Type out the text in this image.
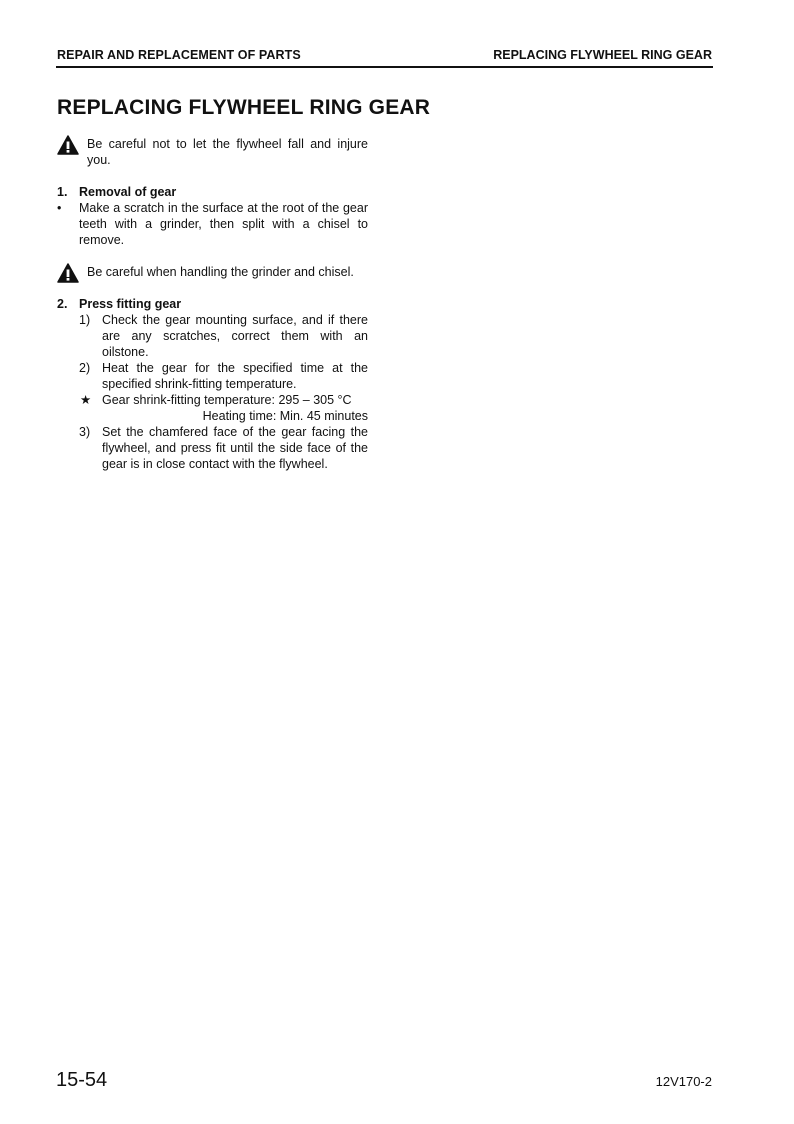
REPAIR AND REPLACEMENT OF PARTS	REPLACING FLYWHEEL RING GEAR
REPLACING FLYWHEEL RING GEAR
Be careful not to let the flywheel fall and injure you.
1. Removal of gear
• Make a scratch in the surface at the root of the gear teeth with a grinder, then split with a chisel to remove.
Be careful when handling the grinder and chisel.
2. Press fitting gear
1) Check the gear mounting surface, and if there are any scratches, correct them with an oilstone.
2) Heat the gear for the specified time at the specified shrink-fitting temperature.
★ Gear shrink-fitting temperature: 295 – 305 °C
Heating time: Min. 45 minutes
3) Set the chamfered face of the gear facing the flywheel, and press fit until the side face of the gear is in close contact with the flywheel.
15-54	12V170-2
